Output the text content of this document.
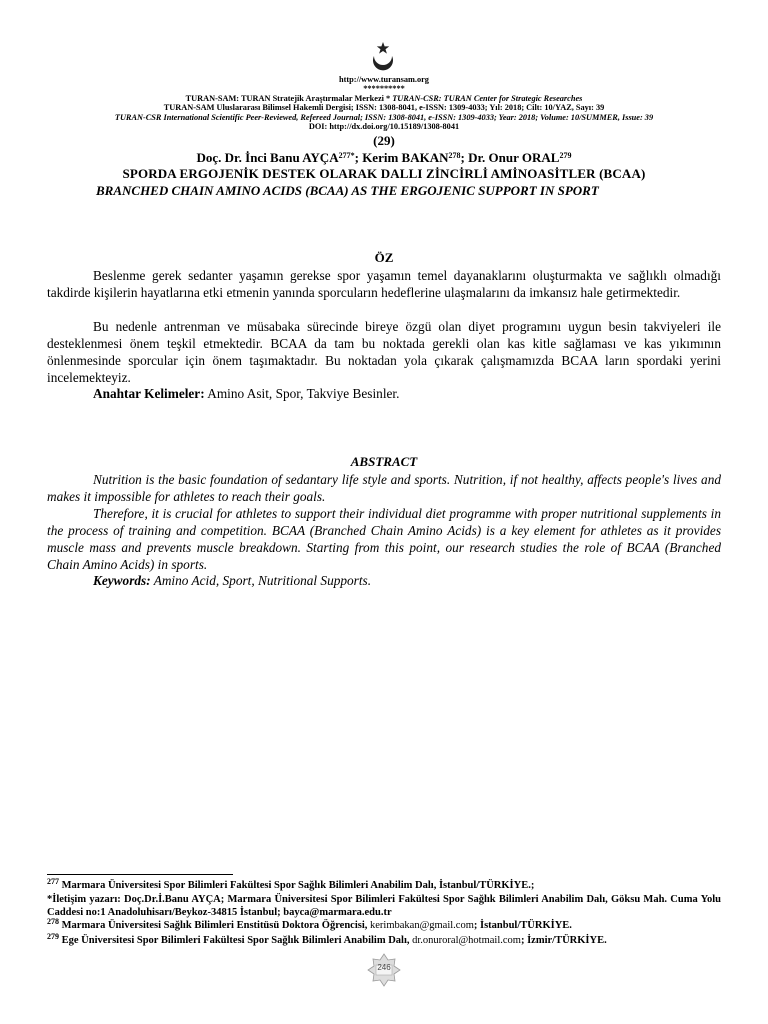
http://www.turansam.org
**********
TURAN-SAM: TURAN Stratejik Araştırmalar Merkezi * TURAN-CSR: TURAN Center for Strategic Researches
TURAN-SAM Uluslararası Bilimsel Hakemli Dergisi; ISSN: 1308-8041, e-ISSN: 1309-4033; Yıl: 2018; Cilt: 10/YAZ, Sayı: 39
TURAN-CSR International Scientific Peer-Reviewed, Refereed Journal; ISSN: 1308-8041, e-ISSN: 1309-4033; Year: 2018; Volume: 10/SUMMER, Issue: 39
DOI: http://dx.doi.org/10.15189/1308-8041
(29)
Doç. Dr. İnci Banu $AYÇA^{277*}$; Kerim BAKAN$^{278}$; Dr. Onur ORAL$^{279}$
SPORDA ERGOJENİK DESTEK OLARAK DALLI ZİNCİRLİ AMİNOASİTLER (BCAA)
BRANCHED CHAIN AMINO ACIDS (BCAA) AS THE ERGOJENIC SUPPORT IN SPORT
ÖZ
Beslenme gerek sedanter yaşamın gerekse spor yaşamın temel dayanaklarını oluşturmakta ve sağlıklı olmadığı takdirde kişilerin hayatlarına etki etmenin yanında sporcuların hedeflerine ulaşmalarını da imkansız hale getirmektedir.
Bu nedenle antrenman ve müsabaka sürecinde bireye özgü olan diyet programını uygun besin takviyeleri ile desteklenmesi önem teşkil etmektedir. BCAA da tam bu noktada gerekli olan kas kitle sağlaması ve kas yıkımının önlenmesinde sporcular için önem taşımaktadır. Bu noktadan yola çıkarak çalışmamızda BCAA ların spordaki yerini incelemekteyiz.
Anahtar Kelimeler: Amino Asit, Spor, Takviye Besinler.
ABSTRACT
Nutrition is the basic foundation of sedantary life style and sports. Nutrition, if not healthy, affects people's lives and makes it impossible for athletes to reach their goals.
Therefore, it is crucial for athletes to support their individual diet programme with proper nutritional supplements in the process of training and competition. BCAA (Branched Chain Amino Acids) is a key element for athletes as it provides muscle mass and prevents muscle breakdown. Starting from this point, our research studies the role of BCAA (Branched Chain Amino Acids) in sports.
Keywords: Amino Acid, Sport, Nutritional Supports.
$^{277}$ Marmara Üniversitesi Spor Bilimleri Fakültesi Spor Sağlık Bilimleri Anabilim Dalı, İstanbul/TÜRKİYE.;
*İletişim yazarı: Doç.Dr.İ.Banu AYÇA; Marmara Üniversitesi Spor Bilimleri Fakültesi Spor Sağlık Bilimleri Anabilim Dalı, Göksu Mah. Cuma Yolu Caddesi no:1 Anadoluhisarı/Beykoz-34815 İstanbul; bayca@marmara.edu.tr
$^{278}$ Marmara Üniversitesi Sağlık Bilimleri Enstitüsü Doktora Öğrencisi, kerimbakan@gmail.com; İstanbul/TÜRKİYE.
$^{279}$ Ege Üniversitesi Spor Bilimleri Fakültesi Spor Sağlık Bilimleri Anabilim Dalı, dr.onuroral@hotmail.com; İzmir/TÜRKİYE.
246
